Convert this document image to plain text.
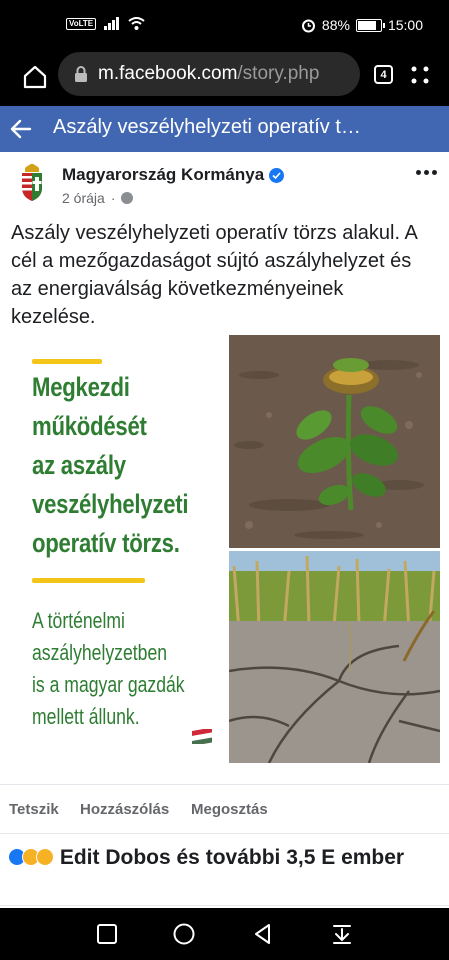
VoLTE	88%	15:00
m.facebook.com/story.php	4
Aszály veszélyhelyzeti operatív t…
Magyarország Kormánya
2 órája ·
Aszály veszélyhelyzeti operatív törzs alakul. A cél a mezőgazdaságot sújtó aszályhelyzet és az energiaválság következményeinek kezelése.
Megkezdi
működését
az aszály
veszélyhelyzeti
operatív törzs.
A történelmi
aszályhelyzetben
is a magyar gazdák
mellett állunk.
Tetszik Hozzászólás Megosztás
Edit Dobos és további 3,5 E ember
